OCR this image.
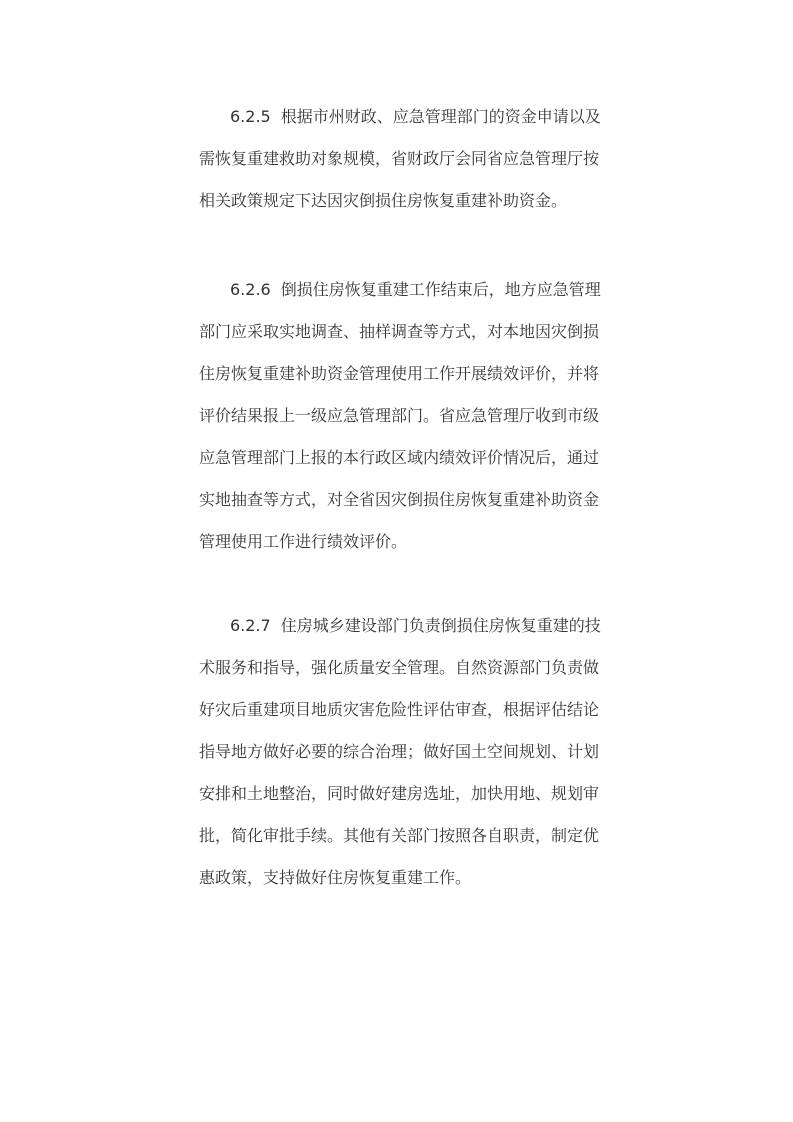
6.2.5 根据市州财政、应急管理部门的资金申请以及
需恢复重建救助对象规模，省财政厅会同省应急管理厅按
相关政策规定下达因灾倒损住房恢复重建补助资金。
6.2.6 倒损住房恢复重建工作结束后，地方应急管理
部门应采取实地调查、抽样调查等方式，对本地因灾倒损
住房恢复重建补助资金管理使用工作开展绩效评价，并将
评价结果报上一级应急管理部门。省应急管理厅收到市级
应急管理部门上报的本行政区域内绩效评价情况后，通过
实地抽查等方式，对全省因灾倒损住房恢复重建补助资金
管理使用工作进行绩效评价。
6.2.7 住房城乡建设部门负责倒损住房恢复重建的技
术服务和指导，强化质量安全管理。自然资源部门负责做
好灾后重建项目地质灾害危险性评估审查，根据评估结论
指导地方做好必要的综合治理；做好国土空间规划、计划
安排和土地整治，同时做好建房选址，加快用地、规划审
批，简化审批手续。其他有关部门按照各自职责，制定优
惠政策，支持做好住房恢复重建工作。
